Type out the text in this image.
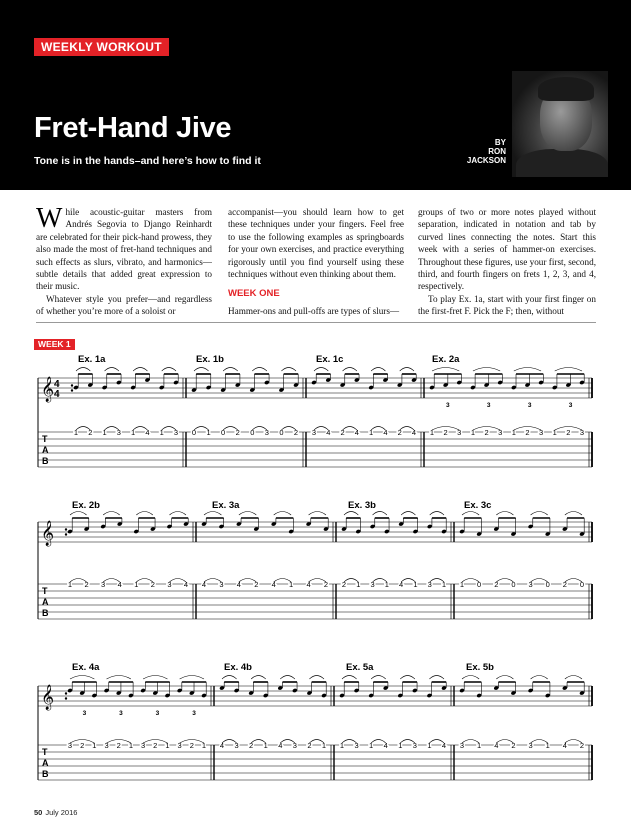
WEEKLY WORKOUT
Fret-Hand Jive
Tone is in the hands–and here’s how to find it
BY
RON
JACKSON

While acoustic-guitar masters from Andrés Segovia to Django Reinhardt are celebrated for their pick-hand prowess, they also made the most of fret-hand techniques and such effects as slurs, vibrato, and harmonics—subtle details that added great expression to their music.

Whatever style you prefer—and regardless of whether you’re more of a soloist or

accompanist—you should learn how to get these techniques under your fingers. Feel free to use the following examples as springboards for your own exercises, and practice everything rigorously until you find yourself using these techniques without even thinking about them.

WEEK ONE

Hammer-ons and pull-offs are types of slurs—

groups of two or more notes played without separation, indicated in notation and tab by curved lines connecting the notes. Start this week with a series of hammer-on exercises. Throughout these figures, use your first, second, third, and fourth fingers on frets 1, 2, 3, and 4, respectively.

To play Ex. 1a, start with your first finger on the first-fret F. Pick the F; then, without

WEEK 1
𝄞 4
4
T
A
B
Ex. 1a
1 2 1 3 1 4 1 3
Ex. 1b
0 1 0 2 0 3 0 2
Ex. 1c
3 4 2 4 1 4 2 4
Ex. 2a
1 2 3 1 2 3 1 2 3 1 2 3
3	3	3	3
𝄞
T
A
B
Ex. 2b
1 2 3 4 1 2 3 4
Ex. 3a
4 3 4 2 4 1 4 2
Ex. 3b
2 1 3 1 4 1 3 1
Ex. 3c
1 0 2 0 3 0 2 0
𝄞
T
A
B
Ex. 4a
3 2 1 3 2 1 3 2 1 3 2 1
3	3	3	3
Ex. 4b
4 3 2 1 4 3 2 1
Ex. 5a
1 3 1 4 1 3 1 4
Ex. 5b
3 1 4 2 3 1 4 2
50 July 2016
